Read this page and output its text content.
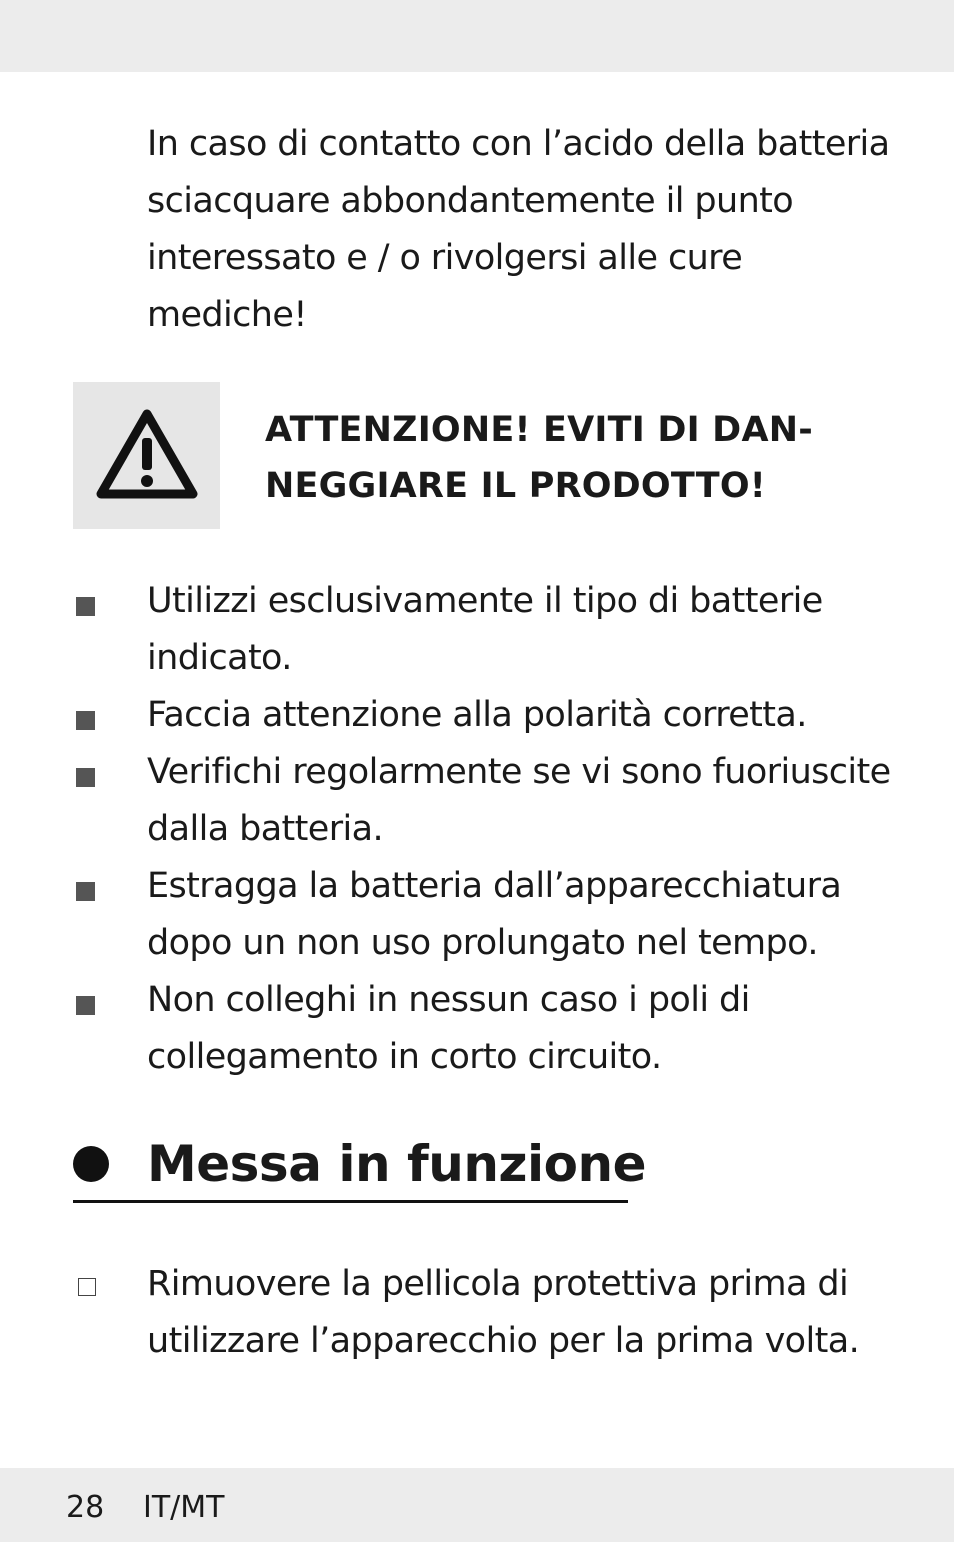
In caso di contatto con l’acido della batteria sciacquare abbondantemente il punto interessato e / o rivolgersi alle cure mediche!

ATTENZIONE! EVITI DI DAN-
NEGGIARE IL PRODOTTO!
Utilizzi esclusivamente il tipo di batterie indicato.
Faccia attenzione alla polarità corretta.
Verifichi regolarmente se vi sono fuoriuscite dalla batteria.
Estragga la batteria dall’apparecchiatura dopo un non uso prolungato nel tempo.
Non colleghi in nessun caso i poli di collegamento in corto circuito.
Messa in funzione
Rimuovere la pellicola protettiva prima di utilizzare l’apparecchio per la prima volta.
28 IT/MT
